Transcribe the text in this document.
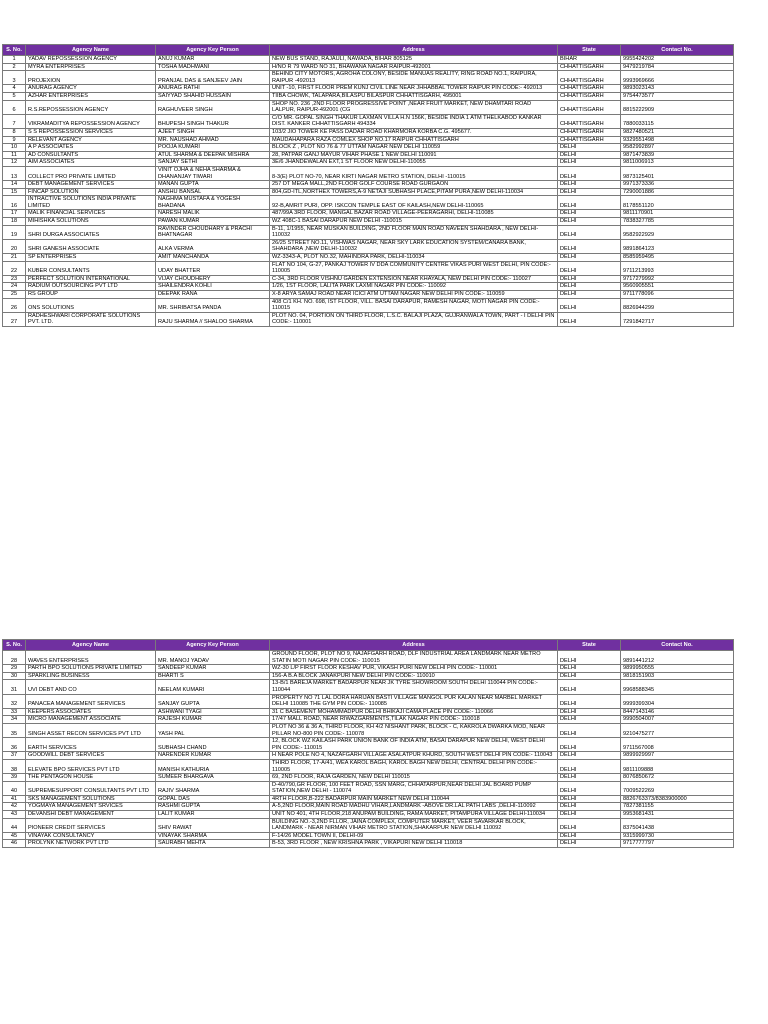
S. No.	Agency Name	Agency Key Person	Address	State	Contact No.
1	YADAV REPOSSESSION AGENCY	ANUJ KUMAR	NEW BUS STAND, RAJAULI, NAWADA, BIHAR 805125	BIHAR	9955424202
2	MYRA ENTERPRISES	TOSHA MADHWANI	H/NO R 79 WARD NO 31, BHAWANA NAGAR RAIPUR-492001	CHHATTISGARH	9479219784
3	PROJEXION	PRANJAL DAS & SANJEEV JAIN	BEHIND CITY MOTORS, AGROHA COLONY, BESIDE MANUAS REALITY, RING ROAD NO.1, RAIPURA, RAIPUR -492013	CHHATTISGARH	9993969666
4	ANURAG AGENCY	ANURAG RATHI	UNIT -10, FIRST FLOOR PREM KUNJ CIVIL LINE NEAR JHHABBAL TOWER RAIPUR PIN CODE:- 492013	CHHATTISGARH	9893023143
5	AZHAR ENTERPRISES	SAIYYAD SHAHID HUSSAIN	TIIBA CHOWK, TALAPARA,BILASPU BILASPUR CHHATTISGARH, 495001	CHHATTISGARH	9754473577
6	R.S.REPOSSESSION AGENCY	RAGHUVEER SINGH	SHOP NO. 236 ,2ND FLOOR PROGRESSIVE POINT ,NEAR FRUIT MARKET, NEW DHAMTARI ROAD LALPUR, RAIPUR-492001 (CG	CHHATTISGARH	8815222909
7	VIKRAMADITYA REPOSSESSION AGENCY	BHUPESH SINGH THAKUR	C/O MR. GOPAL SINGH THAKUR LAXMAN VILLA H.N 156K, BESIDE INDIA 1 ATM THELKABOD KANKAR DIST. KANKER CHHATTISGARH 494334	CHHATTISGARH	7880033115
8	S S REPOSSESSION SERVICES	AJEET SINGH	103/2 JIO TOWER KE PASS DADAR ROAD KHARMORA KORBA C.G. 495677.	CHHATTISGARH	9827480521
9	RELEVANT AGENCY	MR. NAUSHAD AHMAD	MAUDAHAPARA RAZA COMLEX SHOP NO.17 RAIPUR CHHATTISGARH	CHHATTISGARH	9329551498
10	A P ASSOCIATES	POOJA KUMARI	BLOCK Z , PLOT NO 76 & 77 UTTAM NAGAR NEW DELHI 110059	DELHI	9582992897
11	AD CONSULTANTS	ATUL SHARMA & DEEPAK MISHRA	28, PATPAR GANJ MAYUR VIHAR PHASE 1 NEW DELHI 110091	DELHI	9871473839
12	AIM ASSOCIATES	SANJAY SETHI	3E/6 JHANDEWALAN EXT,1 ST FLOOR NEW DELHI-110055	DELHI	9811006913
13	COLLECT PRO PRIVATE LIMITED	VINIT OJHA & NEHA SHARMA & DHANANJAY TIWARI	8-3(E) PLOT NO-70, NEAR KIRTI NAGAR METRO STATION, DELHI -110015	DELHI	9873125401
14	DEBT MANAGEMENT SERVICES	MANAN GUPTA	257 DT MEGA MALL,2ND FLOOR GOLF COURSE ROAD GURGAON	DELHI	9971373336
15	FINCAP SOLUTION	ANSHU BANSAL	804,GD-ITL,NORTHEX TOWERS,A-9 NETAJI SUBHASH PLACE,PITAM PURA,NEW DELHI-110034	DELHI	7290001886
16	INTRACTIVE SOLUTIONS INDIA PRIVATE LIMITED	NAGHMA MUSTAFA & YOGESH BHADANA	92-B,AMRIT PURI, OPP. ISKCON TEMPLE EAST OF KAILASH,NEW DELHI-110065	DELHI	8178551120
17	MALIK FINANCIAL SERVICES	NARESH MALIK	487/99A 3RD FLOOR, MANGAL BAZAR ROAD VILLAGE-PEERAGARHI, DELHI-110085	DELHI	9811170901
18	MIHISHKA SOLUTIONS	PAWAN KUMAR	WZ 408C-1 BASAI DARAPUR NEW DELHI -110015	DELHI	7838327785
19	SHRI DURGA ASSOCIATES	RAVINDER CHOUDHARY & PRACHI BHATNAGAR	B-11, 1/1955, NEAR MUSKAN BUILDING, 2ND FLOOR MAIN ROAD NAVEEN SHAHDARA , NEW DELHI-110032	DELHI	9582922929
20	SHRI GANESH ASSOCIATE	ALKA VERMA	26/25 STREET NO.11, VISHWAS NAGAR, NEAR SKY LARK EDUCATION SYSTEM/CANARA BANK, SHAHDARA ,NEW DELHI-110032	DELHI	9891864123
21	SP ENTERPRISES	AMIT MANCHANDA	WZ-3343-A, PLOT NO.32, MAHINDRA PARK, DELHI-110034	DELHI	8585959495
22	KUBER CONSULTANTS	UDAY BHATTER	FLAT NO 104, G-27, PANKAJ TOWER IV DDA COMMUNITY CENTRE VIKAS PURI WEST DELHI, PIN CODE:- 110005	DELHI	9711213993
23	PERFECT SOLUTION INTERNATIONAL	VIJAY CHOUDHERY	C-34, 3RD FLOOR VISHNU GARDEN EXTENSION NEAR KHAYALA, NEW DELHI PIN CODE:- 110027	DELHI	9717279992
24	RADIUM OUTSOURCING PVT LTD	SHAILENDRA KOHLI	1/26, 1ST FLOOR, LALITA PARK LAXMI NAGAR PIN CODE:- 110092	DELHI	9560905551
25	RS GROUP	DEEPAK RANA	X-8 ARYA SAMAJ ROAD NEAR ICICI ATM UTTAM NAGAR NEW DELHI PIN CODE:- 110059	DELHI	9711778096
26	ONS SOLUTIONS	MR. SHRIBATSA PANDA	408 C/1 KH. NO. 698, IST FLOOR, VILL. BASAI DARAPUR, RAMESH NAGAR, MOTI NAGAR PIN CODE:- 110015	DELHI	8826944299
27	RADHESHWARI CORPORATE SOLUTIONS PVT. LTD.	RAJU SHARMA // SHALOO SHARMA	PLOT NO. 04, PORTION ON THIRD FLOOR, L.S.C. BALAJI PLAZA, GUJRANWALA TOWN, PART - I DELHI PIN CODE:- 110001	DELHI	7291842717
S. No.	Agency Name	Agency Key Person	Address	State	Contact No.
28	WAVES ENTERPRISES	MR. MANOJ YADAV	GROUND FLOOR, PLOT NO 9, NAJAFGARH ROAD, DLF INDUSTRIAL AREA LANDMARK NEAR METRO STATIN MOTI NAGAR PIN CODE:- 110015	DELHI	9891441212
29	PARTH BPO SOLUTIONS PRIVATE LIMITED	SANDEEP KUMAR	WZ-30 L/P FIRST FLOOR KESHAV PUR, VIKASH PURI NEW DELHI PIN CODE:- 110001	DELHI	9899950555
30	SPARKLING BUSINESS	BHARTI S	156-A B.A BLOCK JANAKPURI NEW DELHI PIN CODE:- 110010	DELHI	9818151903
31	UVI DEBT AND CO	NEELAM KUMARI	13-B/1 BAREJA MARKET BADARPUR NEAR JK TYRE SHOWROOM SOUTH DELHI 110044 PIN CODE:- 110044	DELHI	9968588345
32	PANACEA MANAGEMENT SERVICES	SANJAY GUPTA	PROPERTY NO 71 LAL DORA HARIJAN BASTI VILLAGE MANGOL PUR KALAN NEAR MARBEL MARKET DELHI 110085 THE GYM PIN CODE:- 110085	DELHI	9999399304
33	KEEPERS ASSOCIATES	ASHWANI TYAGI	31 C BASEMENT MOHAMMADPUR DELHI BHIKAJI CAMA PLACE PIN CODE:- 110066	DELHI	8447143146
34	MICRO MANAGEMENT ASSOCIATE	RAJESH KUMAR	17/47 MALL ROAD, NEAR RIWAZGARMENTS,TILAK NAGAR PIN CODE:- 110018	DELHI	9990504007
35	SINGH ASSET RECON SERVICES PVT LTD	YASH PAL	PLOT NO 36 & 36 A, THIRD FLOOR, KH 4/2 NISHANT PARK, BLOCK - C, KAKROLA DWARKA MOD, NEAR PILLAR NO-800 PIN CODE:- 110078	DELHI	9210475277
36	EARTH SERVICES	SUBHASH CHAND	12, BLOCK WZ KAILASH PARK UNION BANK OF INDIA ATM, BASAI DARAPUR NEW DELHI, WEST DELHI PIN CODE:- 110015	DELHI	9711567008
37	GOODWILL DEBT SERVICES	NARENDER KUMAR	H NEAR POLE NO 4, NAZAFGARH VILLAGE ASALATPUR KHURD, SOUTH WEST DELHI PIN CODE:- 110043	DELHI	9899929997
38	ELEVATE BPO SERVICES PVT LTD	MANISH KATHURIA	THIRD FLOOR, 17-A/41, WEA KAROL BAGH, KAROL BAGH NEW DELHI, CENTRAL DELHI PIN CODE:- 110005	DELHI	9811109888
39	THE PENTAGON HOUSE	SUMEER BHARGAVA	69, 2ND FLOOR, RAJA GARDEN, NEW DELHI 110015	DELHI	8076850672
40	SUPREMESUPPORT CONSULTANTS PVT LTD	RAJIV SHARMA	D-40/790,GR FLOOR, 100 FEET ROAD, SSN MARG, CHHATARPUR,NEAR DELHI JAL BOARD PUMP STATION,NEW DELHI - 110074	DELHI	7009522269
41	SKS MANAGEMENT SOLUTIONS	GOPAL DAS	4RTH FLOOR,B-222 BADARPUR MAIN MARKET NEW DELHI 110044	DELHI	8826763373/8383900000
42	YOGMAYA MANAGEMENT SRVICES	RASHMI GUPTA	A-5,2ND FLOOR,MAIN ROAD MADHU VIHAR,LANDMARK -ABOVE DR.LAL PATH LABS ,DELHI-110092	DELHI	7827381155
43	DEVANSHI DEBT MANAGEMENT	LALIT KUMAR	UNIT NO 401, 4TH FLOOR,218 ANUPAM BUILDING, RAMA MARKET, PITAMPURA VILLAGE DELHI-110034	DELHI	9953681431
44	PIONEER CREDIT SERVICES	SHIV RAWAT	BUILDING NO.-3,2ND FLLOR, JAINA COMPLEX, COMPUTER MARKET, VEER SAVARKAR BLOCK, LANDMARK - NEAR NIRMAN VIHAR METRO STATION,SHAKARPUR NEW DELHI 110092	DELHI	8375041438
45	VINAYAK CONSULTANCY	VINAYAK SHARMA	F-14/26 MODEL TOWN II, DELHI-09	DELHI	9315999730
46	PROLYNK NETWORK PVT LTD	SAURABH MEHTA	B-53, 3RD FLOOR , NEW KRISHNA PARK , VIKAPURI NEW DELHI 110018	DELHI	9717777797
